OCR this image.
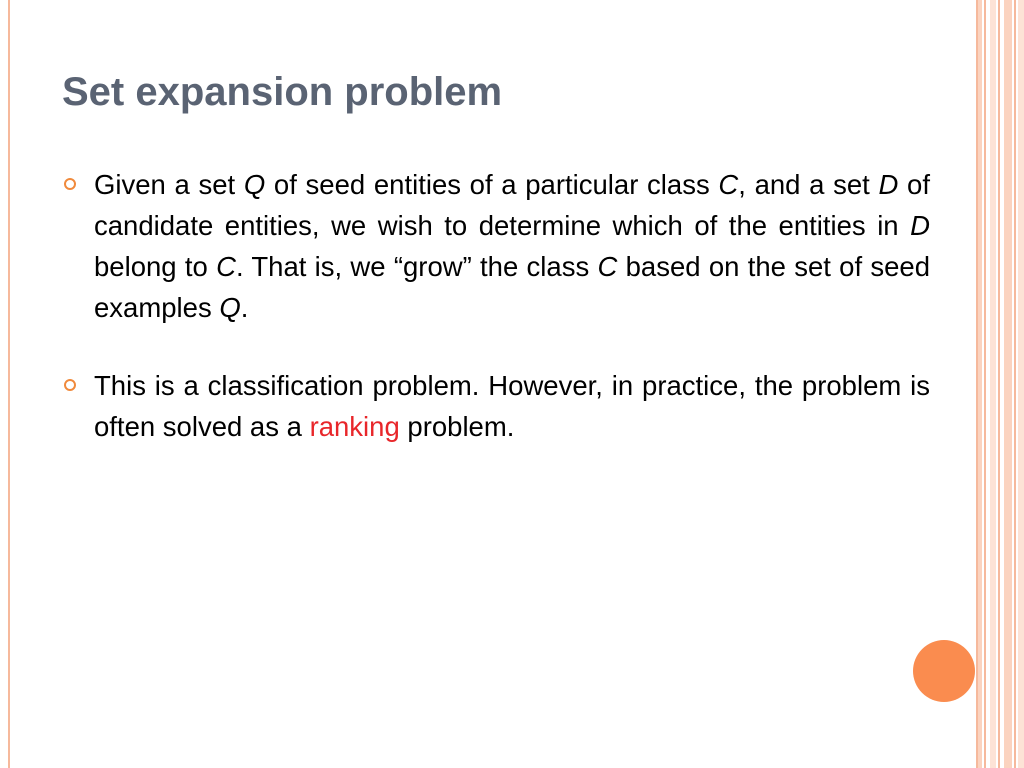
Set expansion problem
Given a set Q of seed entities of a particular class C, and a set D of candidate entities, we wish to determine which of the entities in D belong to C. That is, we “grow” the class C based on the set of seed examples Q.
This is a classification problem. However, in practice, the problem is often solved as a ranking problem.
